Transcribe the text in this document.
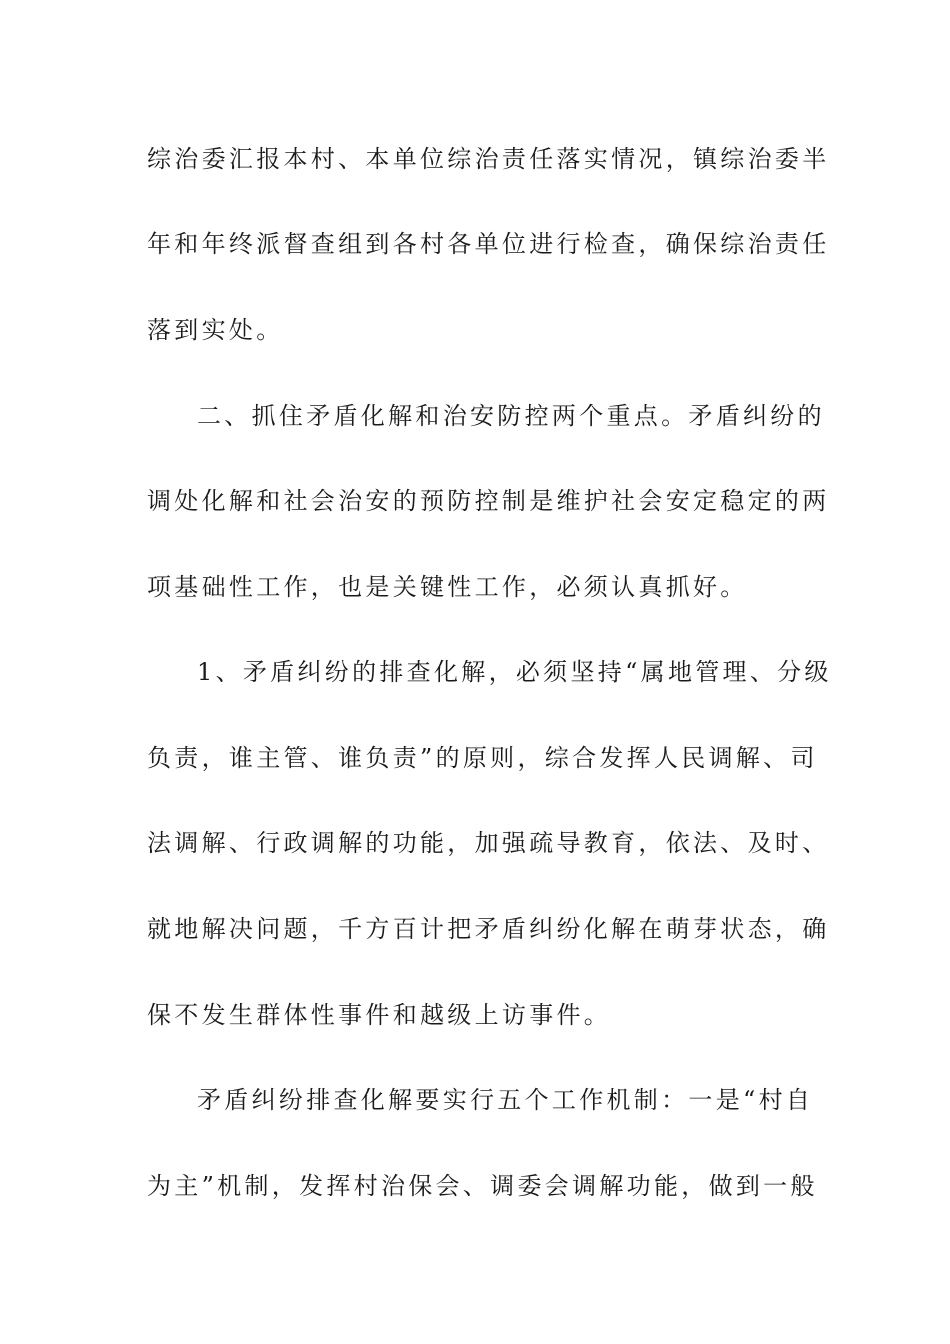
综治委汇报本村、本单位综治责任落实情况，镇综治委半
年和年终派督查组到各村各单位进行检查，确保综治责任
落到实处。
二、抓住矛盾化解和治安防控两个重点。矛盾纠纷的
调处化解和社会治安的预防控制是维护社会安定稳定的两
项基础性工作，也是关键性工作，必须认真抓好。
1、矛盾纠纷的排查化解，必须坚持“属地管理、分级
负责，谁主管、谁负责”的原则，综合发挥人民调解、司
法调解、行政调解的功能，加强疏导教育，依法、及时、
就地解决问题，千方百计把矛盾纠纷化解在萌芽状态，确
保不发生群体性事件和越级上访事件。
矛盾纠纷排查化解要实行五个工作机制：一是“村自
为主”机制，发挥村治保会、调委会调解功能，做到一般
